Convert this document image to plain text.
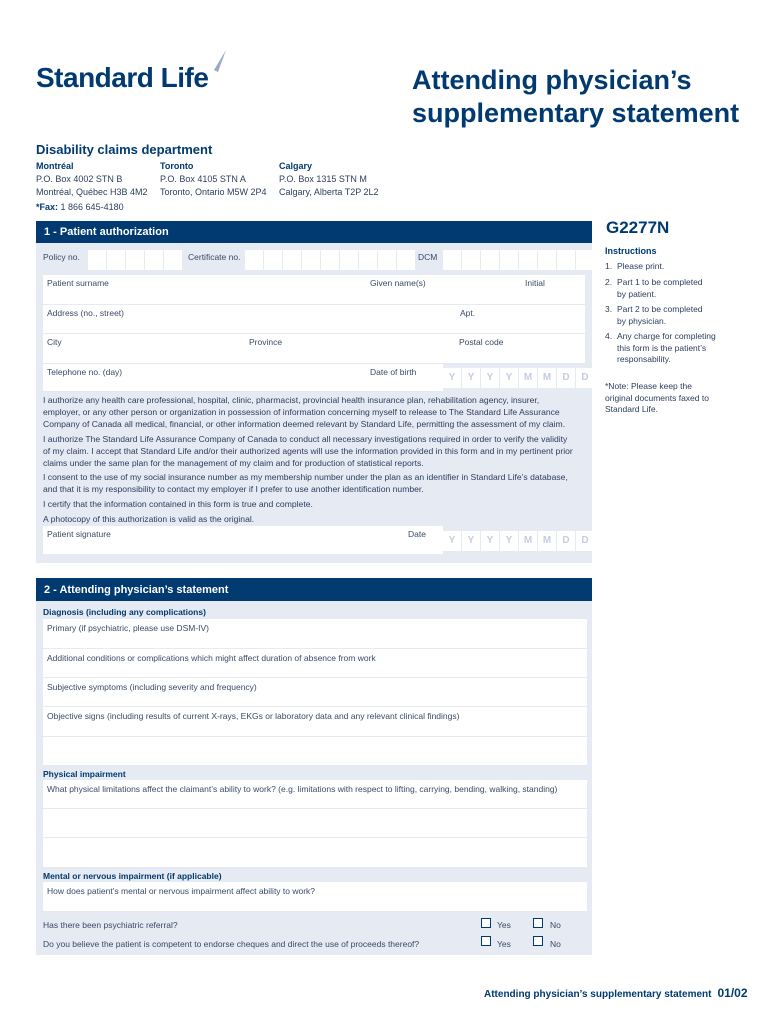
Standard Life	Attending physician’s
supplementary statement
Disability claims department
Montréal
P.O. Box 4002 STN B
Montréal, Québec H3B 4M2
Toronto
P.O. Box 4105 STN A
Toronto, Ontario M5W 2P4
Calgary
P.O. Box 1315 STN M
Calgary, Alberta T2P 2L2
*Fax: 1 866 645-4180
G2277N
Instructions
1. Please print.
2. Part 1 to be completed by patient.
3. Part 2 to be completed by physician.
4. Any charge for completing this form is the patient’s responsability.
*Note: Please keep the original documents faxed to Standard Life.
1 - Patient authorization
Policy no.	Certificate no.	DCM
Patient surname	Given name(s)	Initial
Address (no., street)	Apt.
City	Province	Postal code
Telephone no. (day)	Date of birth	Y	Y	Y	Y	M	M	D	D
I authorize any health care professional, hospital, clinic, pharmacist, provincial health insurance plan, rehabilitation agency, insurer, employer, or any other person or organization in possession of information concerning myself to release to The Standard Life Assurance Company of Canada all medical, financial, or other information deemed relevant by Standard Life, permitting the assessment of my claim.
I authorize The Standard Life Assurance Company of Canada to conduct all necessary investigations required in order to verify the validity of my claim. I accept that Standard Life and/or their authorized agents will use the information provided in this form and in my pertinent prior claims under the same plan for the management of my claim and for production of statistical reports.
I consent to the use of my social insurance number as my membership number under the plan as an identifier in Standard Life’s database, and that it is my responsibility to contact my employer if I prefer to use another identification number.
I certify that the information contained in this form is true and complete.
A photocopy of this authorization is valid as the original.
Patient signature	Date
Y	Y	Y	Y	M	M	D	D
2 - Attending physician’s statement
Diagnosis (including any complications)
Primary (if psychiatric, please use DSM-IV)
Additional conditions or complications which might affect duration of absence from work
Subjective symptoms (including severity and frequency)
Objective signs (including results of current X-rays, EKGs or laboratory data and any relevant clinical findings)
Physical impairment
What physical limitations affect the claimant’s ability to work? (e.g. limitations with respect to lifting, carrying, bending, walking, standing)
Mental or nervous impairment (if applicable)
How does patient’s mental or nervous impairment affect ability to work?
Has there been psychiatric referral?	Yes	No
Do you believe the patient is competent to endorse cheques and direct the use of proceeds thereof?	Yes	No
Attending physician’s supplementary statement 01/02
